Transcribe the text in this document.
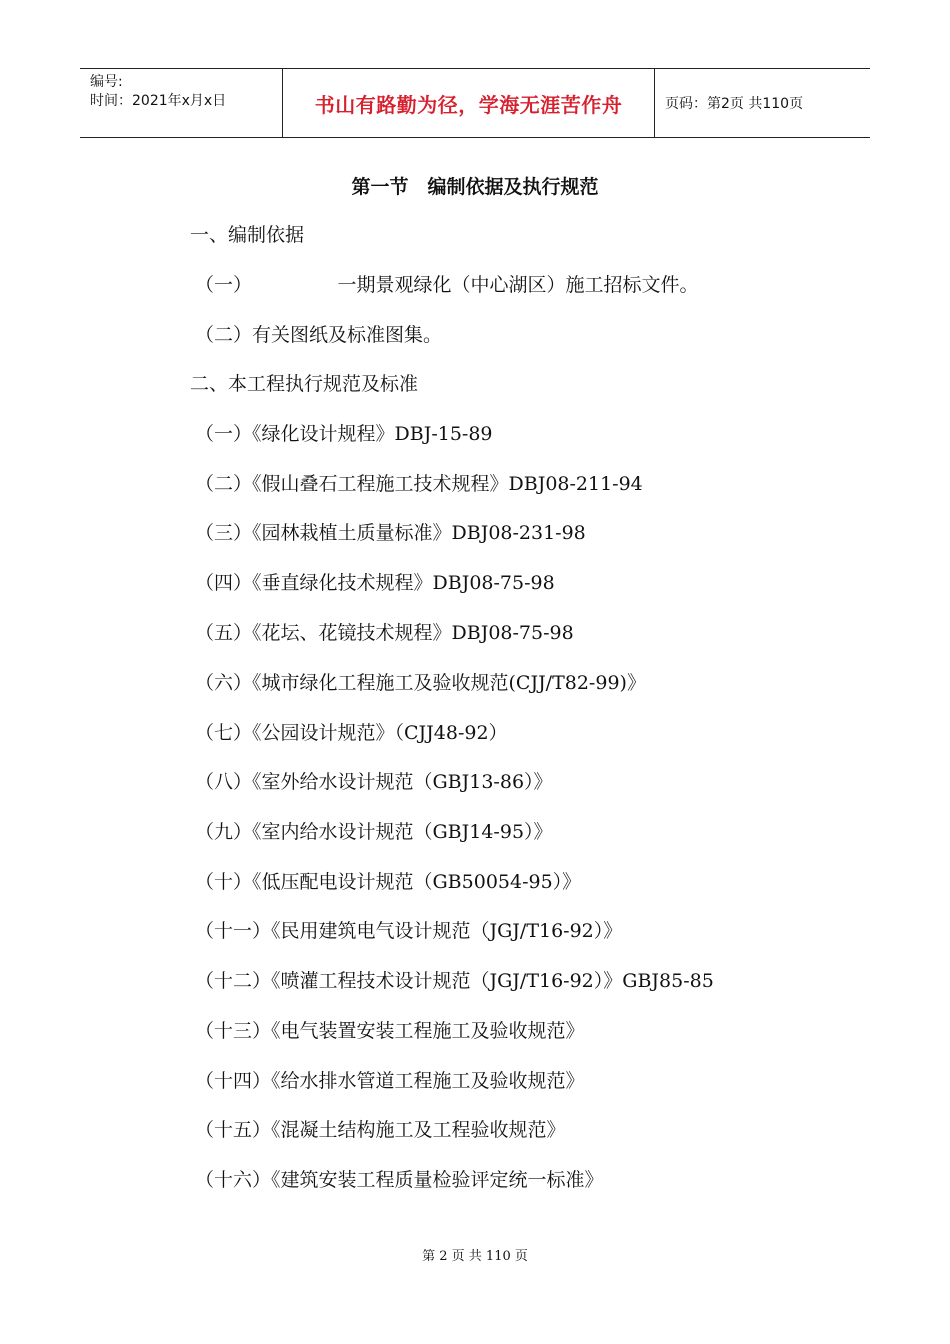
编号:
时间：2021年x月x日	书山有路勤为径，学海无涯苦作舟	页码：第2页 共110页
第一节　编制依据及执行规范
一、编制依据
（一）　　　　　一期景观绿化（中心湖区）施工招标文件。
（二）有关图纸及标准图集。
二、本工程执行规范及标准
（一）《绿化设计规程》DBJ-15-89
（二）《假山叠石工程施工技术规程》DBJ08-211-94
（三）《园林栽植土质量标准》DBJ08-231-98
（四）《垂直绿化技术规程》DBJ08-75-98
（五）《花坛、花镜技术规程》DBJ08-75-98
（六）《城市绿化工程施工及验收规范(CJJ/T82-99)》
（七）《公园设计规范》（CJJ48-92）
（八）《室外给水设计规范（GBJ13-86）》
（九）《室内给水设计规范（GBJ14-95）》
（十）《低压配电设计规范（GB50054-95）》
（十一）《民用建筑电气设计规范（JGJ/T16-92）》
（十二）《喷灌工程技术设计规范（JGJ/T16-92）》GBJ85-85
（十三）《电气装置安装工程施工及验收规范》
（十四）《给水排水管道工程施工及验收规范》
（十五）《混凝土结构施工及工程验收规范》
（十六）《建筑安装工程质量检验评定统一标准》
第 2 页 共 110 页
